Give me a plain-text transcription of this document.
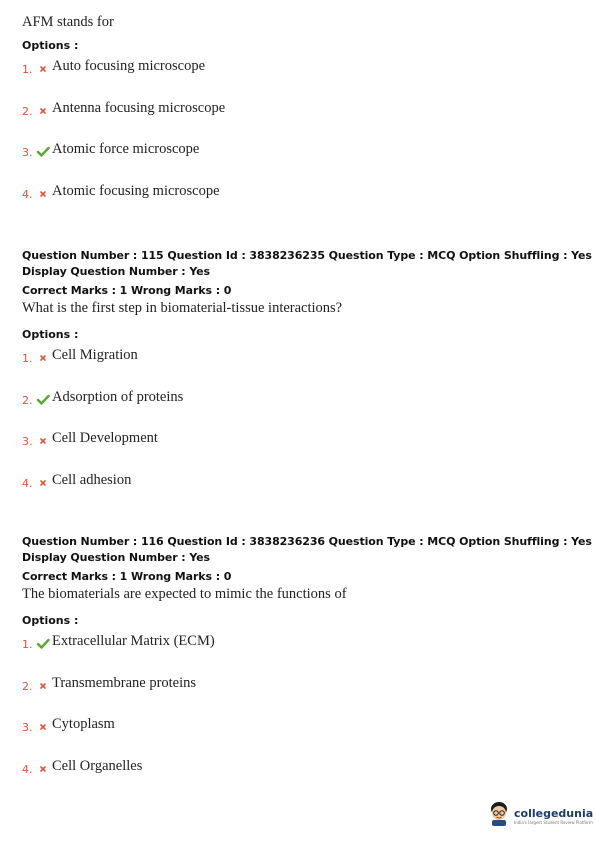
AFM stands for
Options :
1. Auto focusing microscope
2. Antenna focusing microscope
3. Atomic force microscope
4. Atomic focusing microscope
Question Number : 115 Question Id : 3838236235 Question Type : MCQ Option Shuffling : Yes
Display Question Number : Yes
Correct Marks : 1 Wrong Marks : 0
What is the first step in biomaterial-tissue interactions?
Options :
1. Cell Migration
2. Adsorption of proteins
3. Cell Development
4. Cell adhesion
Question Number : 116 Question Id : 3838236236 Question Type : MCQ Option Shuffling : Yes
Display Question Number : Yes
Correct Marks : 1 Wrong Marks : 0
The biomaterials are expected to mimic the functions of
Options :
1. Extracellular Matrix (ECM)
2. Transmembrane proteins
3. Cytoplasm
4. Cell Organelles
collegedunia
India's largest Student Review Platform
